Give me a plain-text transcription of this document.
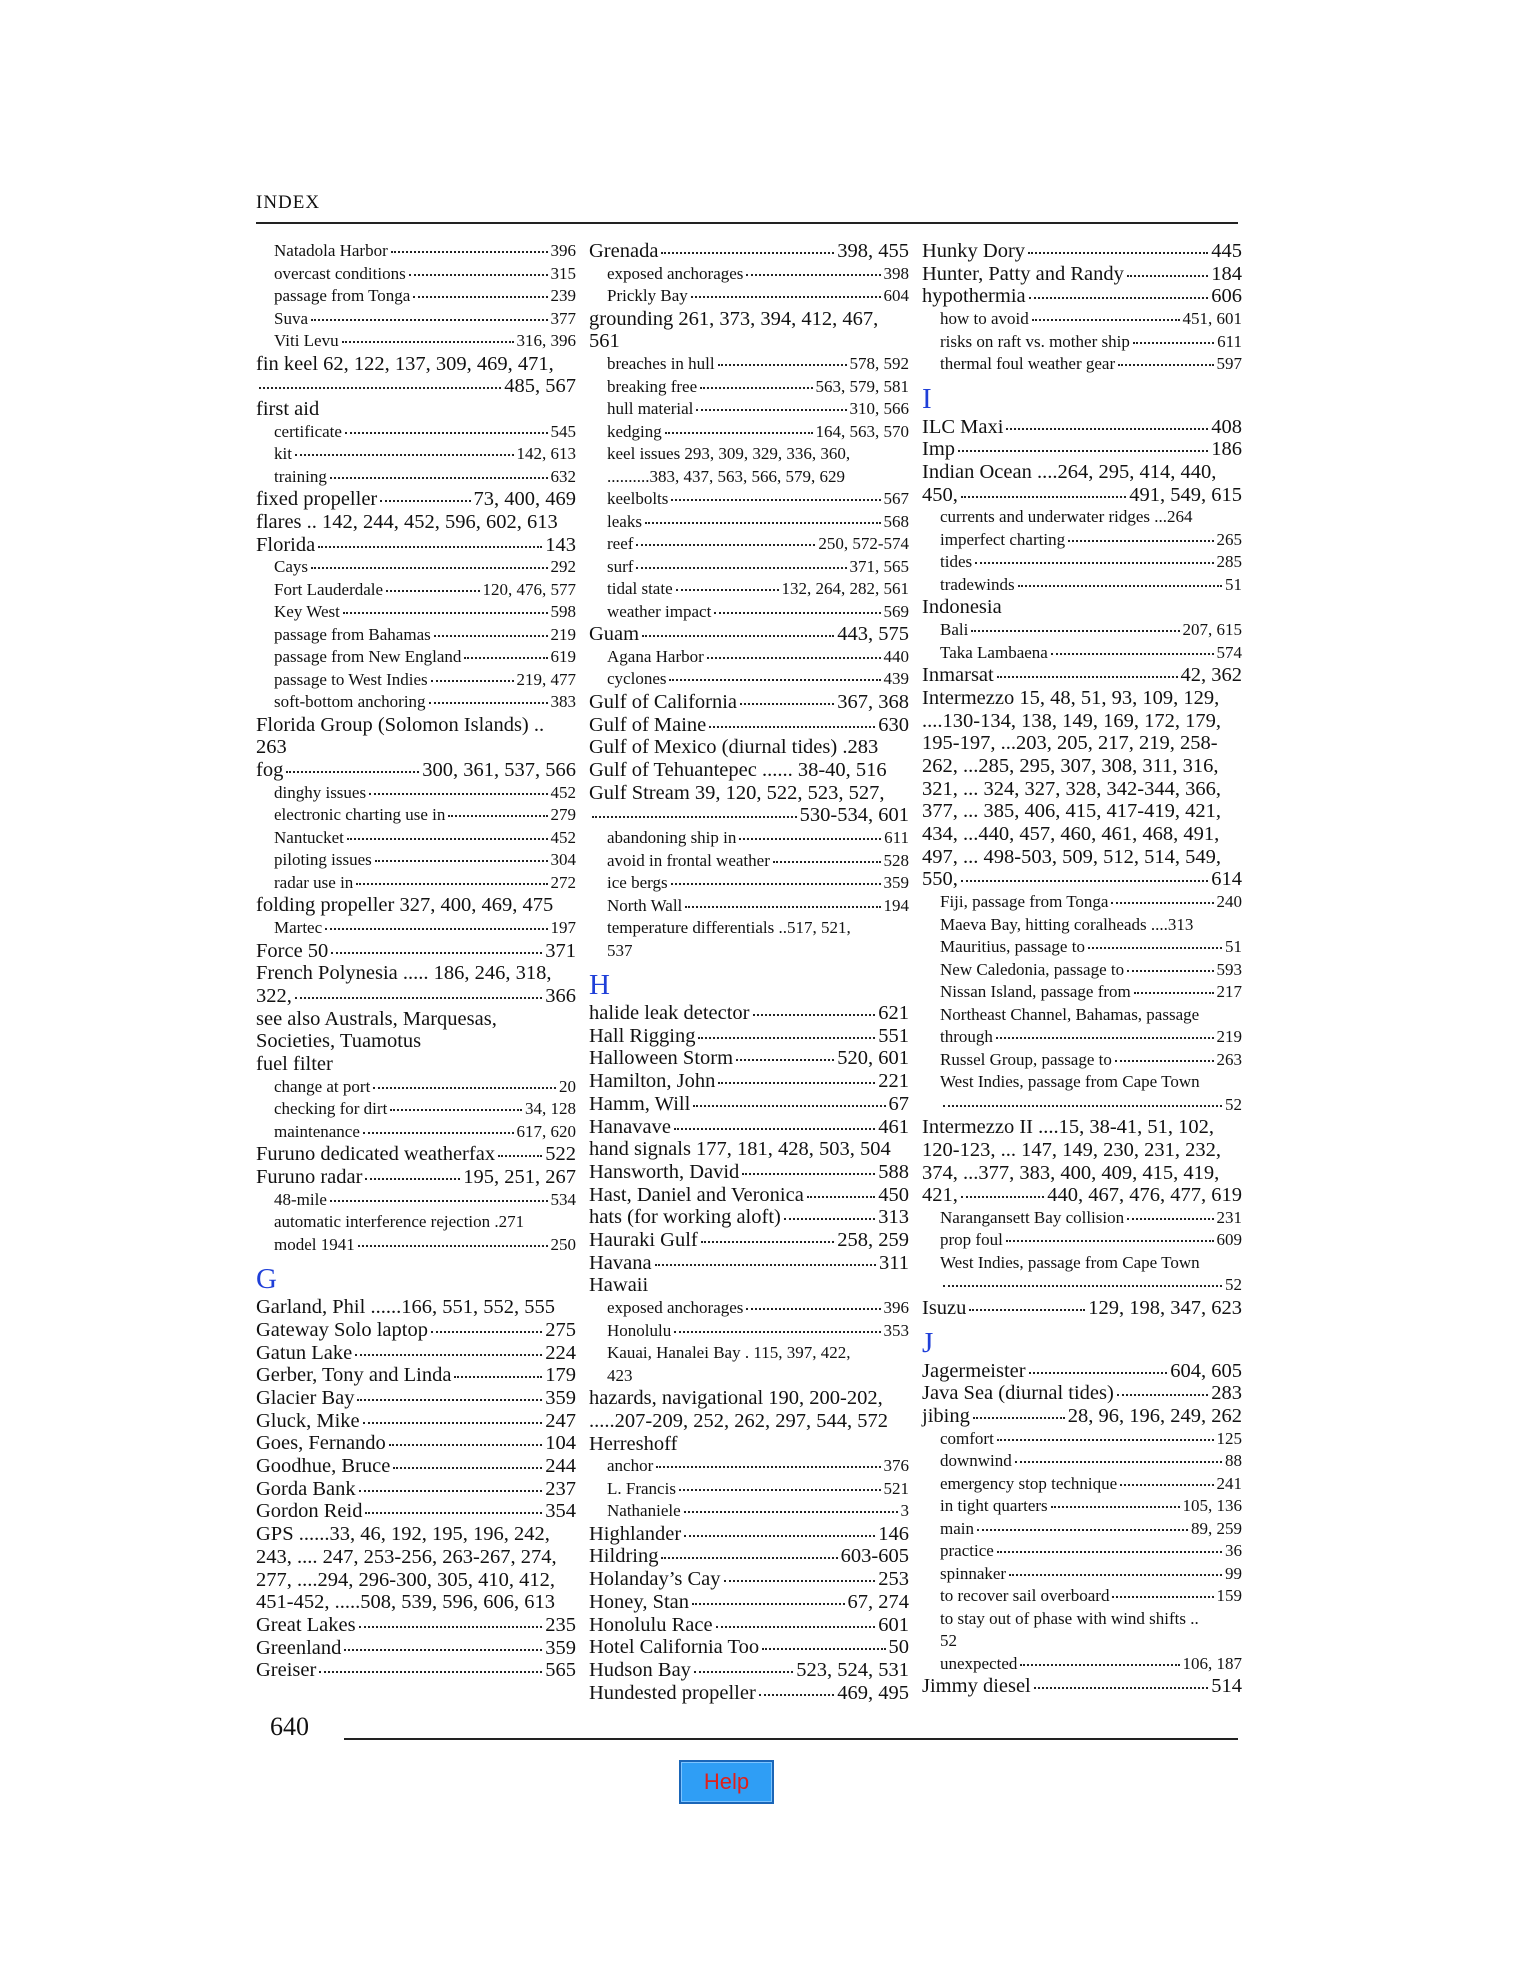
INDEX
Natadola Harbor	396
overcast conditions	315
passage from Tonga	239
Suva	377
Viti Levu	316, 396
fin keel 62, 122, 137, 309, 469, 471,
485, 567
first aid
certificate	545
kit	142, 613
training	632
fixed propeller	73, 400, 469
flares .. 142, 244, 452, 596, 602, 613
Florida	143
Cays	292
Fort Lauderdale	120, 476, 577
Key West	598
passage from Bahamas	219
passage from New England	619
passage to West Indies	219, 477
soft-bottom anchoring	383
Florida Group (Solomon Islands) ..
263
fog	300, 361, 537, 566
dinghy issues	452
electronic charting use in	279
Nantucket	452
piloting issues	304
radar use in	272
folding propeller 327, 400, 469, 475
Martec	197
Force 50	371
French Polynesia ..... 186, 246, 318,
322,	366
see also Australs, Marquesas, Societies, Tuamotus
fuel filter
change at port	20
checking for dirt	34, 128
maintenance	617, 620
Furuno dedicated weatherfax 522
Furuno radar	195, 251, 267
48-mile	534
automatic interference rejection .271
model 1941	250
G
Garland, Phil ......166, 551, 552, 555
Gateway Solo laptop	275
Gatun Lake	224
Gerber, Tony and Linda	179
Glacier Bay	359
Gluck, Mike	247
Goes, Fernando	104
Goodhue, Bruce	244
Gorda Bank	237
Gordon Reid	354
GPS ......33, 46, 192, 195, 196, 242,
243, .... 247, 253-256, 263-267, 274,
277, ....294, 296-300, 305, 410, 412,
451-452, .....508, 539, 596, 606, 613
Great Lakes	235
Greenland	359
Greiser	565
Grenada	398, 455
exposed anchorages	398
Prickly Bay	604
grounding 261, 373, 394, 412, 467,
561
breaches in hull	578, 592
breaking free	563, 579, 581
hull material	310, 566
kedging	164, 563, 570
keel issues 293, 309, 329, 336, 360,
..........383, 437, 563, 566, 579, 629
keelbolts	567
leaks	568
reef	250, 572-574
surf	371, 565
tidal state	132, 264, 282, 561
weather impact	569
Guam	443, 575
Agana Harbor	440
cyclones	439
Gulf of California	367, 368
Gulf of Maine	630
Gulf of Mexico (diurnal tides) .283
Gulf of Tehuantepec ...... 38-40, 516
Gulf Stream 39, 120, 522, 523, 527,
530-534, 601
abandoning ship in	611
avoid in frontal weather	528
ice bergs	359
North Wall	194
temperature differentials ..517, 521,
537
H
halide leak detector	621
Hall Rigging	551
Halloween Storm	520, 601
Hamilton, John	221
Hamm, Will	67
Hanavave	461
hand signals 177, 181, 428, 503, 504
Hansworth, David	588
Hast, Daniel and Veronica	450
hats (for working aloft)	313
Hauraki Gulf	258, 259
Havana	311
Hawaii
exposed anchorages	396
Honolulu	353
Kauai, Hanalei Bay . 115, 397, 422,
423
hazards, navigational 190, 200-202,
.....207-209, 252, 262, 297, 544, 572
Herreshoff
anchor	376
L. Francis	521
Nathaniele	3
Highlander	146
Hildring	603-605
Holanday’s Cay	253
Honey, Stan	67, 274
Honolulu Race	601
Hotel California Too	50
Hudson Bay	523, 524, 531
Hundested propeller	469, 495
Hunky Dory	445
Hunter, Patty and Randy	184
hypothermia	606
how to avoid	451, 601
risks on raft vs. mother ship	611
thermal foul weather gear	597
I
ILC Maxi	408
Imp	186
Indian Ocean ....264, 295, 414, 440,
450,	491, 549, 615
currents and underwater ridges ...264
imperfect charting	265
tides	285
tradewinds	51
Indonesia
Bali	207, 615
Taka Lambaena	574
Inmarsat	42, 362
Intermezzo 15, 48, 51, 93, 109, 129,
....130-134, 138, 149, 169, 172, 179,
195-197, ...203, 205, 217, 219, 258-
262, ...285, 295, 307, 308, 311, 316,
321, ... 324, 327, 328, 342-344, 366,
377, ... 385, 406, 415, 417-419, 421,
434, ...440, 457, 460, 461, 468, 491,
497, ... 498-503, 509, 512, 514, 549,
550,	614
Fiji, passage from Tonga	240
Maeva Bay, hitting coralheads ....313
Mauritius, passage to	51
New Caledonia, passage to	593
Nissan Island, passage from	217
Northeast Channel, Bahamas, passage
through	219
Russel Group, passage to	263
West Indies, passage from Cape Town
52
Intermezzo II ....15, 38-41, 51, 102,
120-123, ... 147, 149, 230, 231, 232,
374, ...377, 383, 400, 409, 415, 419,
421,	440, 467, 476, 477, 619
Narangansett Bay collision	231
prop foul	609
West Indies, passage from Cape Town
52
Isuzu	129, 198, 347, 623
J
Jagermeister	604, 605
Java Sea (diurnal tides)	283
jibing	28, 96, 196, 249, 262
comfort	125
downwind	88
emergency stop technique	241
in tight quarters	105, 136
main	89, 259
practice	36
spinnaker	99
to recover sail overboard	159
to stay out of phase with wind shifts ..
52
unexpected	106, 187
Jimmy diesel	514
640
Help
